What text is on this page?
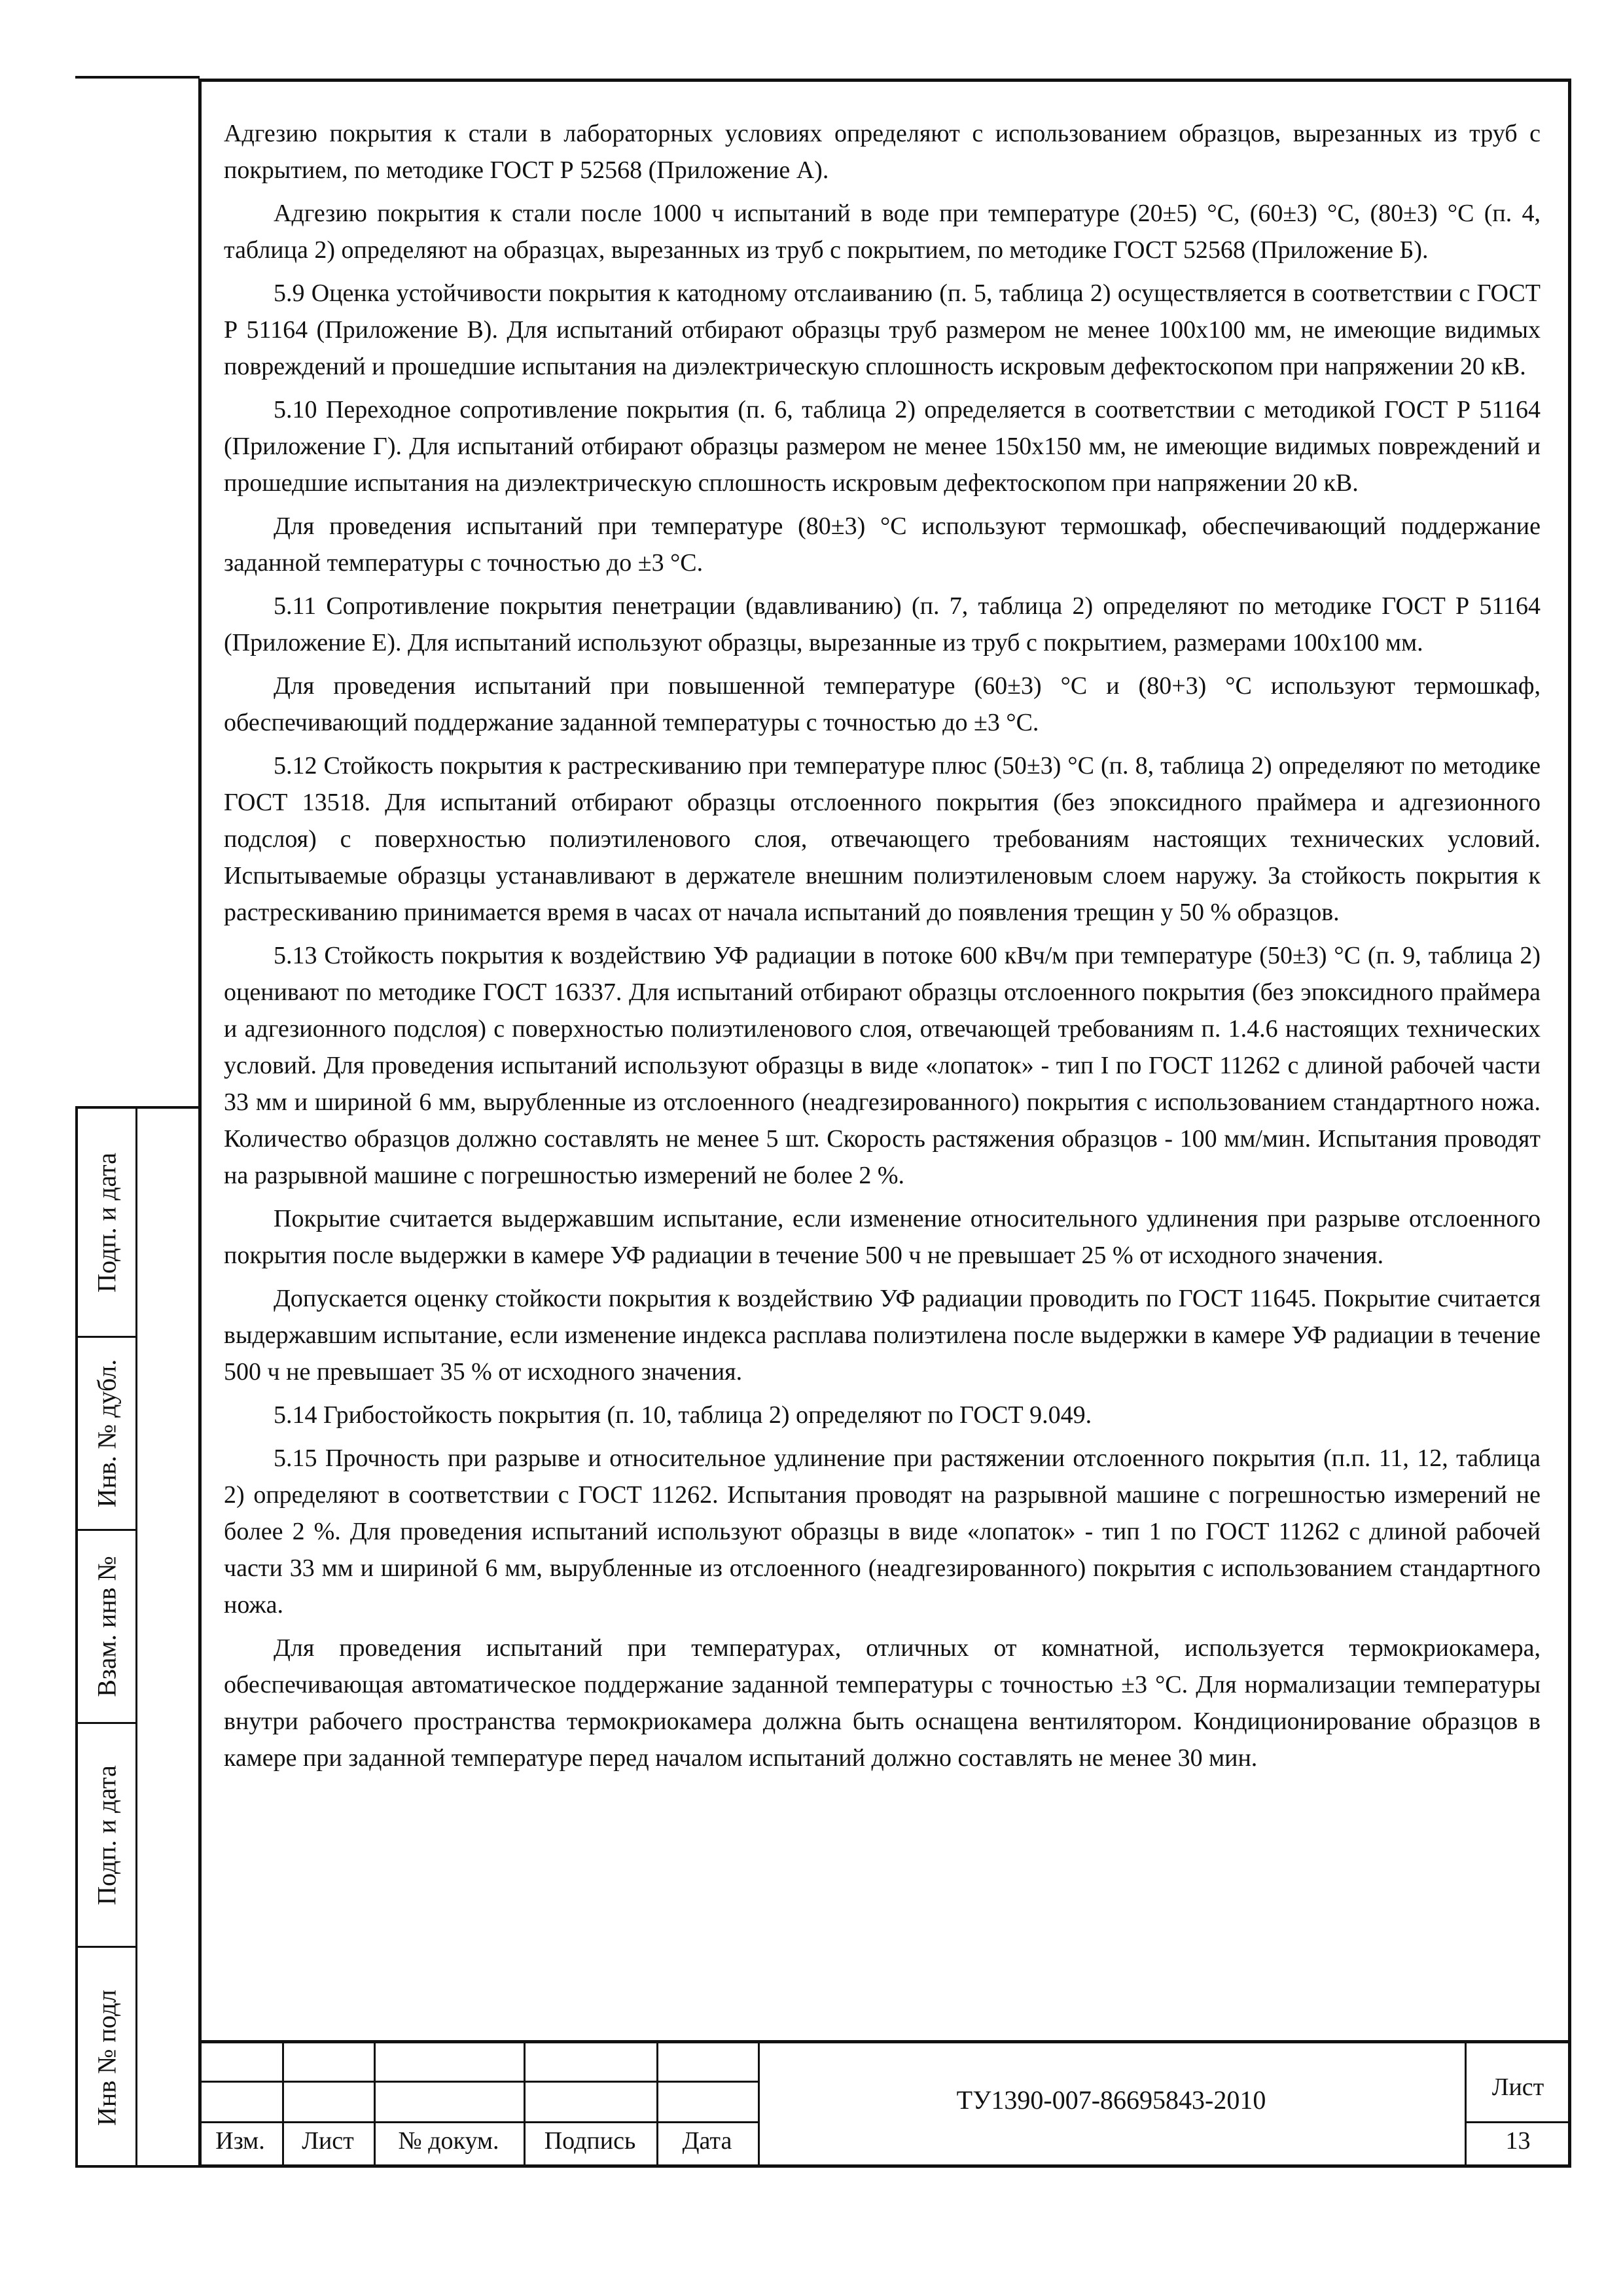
Адгезию покрытия к стали в лабораторных условиях определяют с использованием образцов, вырезанных из труб с покрытием, по методике ГОСТ Р 52568 (Приложение А).

Адгезию покрытия к стали после 1000 ч испытаний в воде при температуре (20±5) °С, (60±3) °С, (80±3) °С (п. 4, таблица 2) определяют на образцах, вырезанных из труб с покрытием, по методике ГОСТ 52568 (Приложение Б).

5.9 Оценка устойчивости покрытия к катодному отслаиванию (п. 5, таблица 2) осуществляется в соответствии с ГОСТ Р 51164 (Приложение В). Для испытаний отбирают образцы труб размером не менее 100х100 мм, не имеющие видимых повреждений и прошедшие испытания на диэлектрическую сплошность искровым дефектоскопом при напряжении 20 кВ.

5.10 Переходное сопротивление покрытия (п. 6, таблица 2) определяется в соответствии с методикой ГОСТ Р 51164 (Приложение Г). Для испытаний отбирают образцы размером не менее 150х150 мм, не имеющие видимых повреждений и прошедшие испытания на диэлектрическую сплошность искровым дефектоскопом при напряжении 20 кВ.

Для проведения испытаний при температуре (80±3) °С используют термошкаф, обеспечивающий поддержание заданной температуры с точностью до ±3 °С.

5.11 Сопротивление покрытия пенетрации (вдавливанию) (п. 7, таблица 2) определяют по методике ГОСТ Р 51164 (Приложение Е). Для испытаний используют образцы, вырезанные из труб с покрытием, размерами 100х100 мм.

Для проведения испытаний при повышенной температуре (60±3) °С и (80+3) °С используют термошкаф, обеспечивающий поддержание заданной температуры с точностью до ±3 °С.

5.12 Стойкость покрытия к растрескиванию при температуре плюс (50±3) °С (п. 8, таблица 2) определяют по методике ГОСТ 13518. Для испытаний отбирают образцы отслоенного покрытия (без эпоксидного праймера и адгезионного подслоя) с поверхностью полиэтиленового слоя, отвечающего требованиям настоящих технических условий. Испытываемые образцы устанавливают в держателе внешним полиэтиленовым слоем наружу. За стойкость покрытия к растрескиванию принимается время в часах от начала испытаний до появления трещин у 50 % образцов.

5.13 Стойкость покрытия к воздействию УФ радиации в потоке 600 кВч/м при температуре (50±3) °С (п. 9, таблица 2) оценивают по методике ГОСТ 16337. Для испытаний отбирают образцы отслоенного покрытия (без эпоксидного праймера и адгезионного подслоя) с поверхностью полиэтиленового слоя, отвечающей требованиям п. 1.4.6 настоящих технических условий. Для проведения испытаний используют образцы в виде «лопаток» - тип I по ГОСТ 11262 с длиной рабочей части 33 мм и шириной 6 мм, вырубленные из отслоенного (неадгезированного) покрытия с использованием стандартного ножа. Количество образцов должно составлять не менее 5 шт. Скорость растяжения образцов - 100 мм/мин. Испытания проводят на разрывной машине с погрешностью измерений не более 2 %.

Покрытие считается выдержавшим испытание, если изменение относительного удлинения при разрыве отслоенного покрытия после выдержки в камере УФ радиации в течение 500 ч не превышает 25 % от исходного значения.

Допускается оценку стойкости покрытия к воздействию УФ радиации проводить по ГОСТ 11645. Покрытие считается выдержавшим испытание, если изменение индекса расплава полиэтилена после выдержки в камере УФ радиации в течение 500 ч не превышает 35 % от исходного значения.

5.14 Грибостойкость покрытия (п. 10, таблица 2) определяют по ГОСТ 9.049.

5.15 Прочность при разрыве и относительное удлинение при растяжении отслоенного покрытия (п.п. 11, 12, таблица 2) определяют в соответствии с ГОСТ 11262. Испытания проводят на разрывной машине с погрешностью измерений не более 2 %. Для проведения испытаний используют образцы в виде «лопаток» - тип 1 по ГОСТ 11262 с длиной рабочей части 33 мм и шириной 6 мм, вырубленные из отслоенного (неадгезированного) покрытия с использованием стандартного ножа.

Для проведения испытаний при температурах, отличных от комнатной, используется термокриокамера, обеспечивающая автоматическое поддержание заданной температуры с точностью ±3 °С. Для нормализации температуры внутри рабочего пространства термокриокамера должна быть оснащена вентилятором. Кондиционирование образцов в камере при заданной температуре перед началом испытаний должно составлять не менее 30 мин.

Подп. и дата
Инв. № дубл.
Взам. инв №
Подп. и дата
Инв № подл
Изм.	Лист	№ докум.	Подпись	Дата
ТУ1390-007-86695843-2010	Лист
13
